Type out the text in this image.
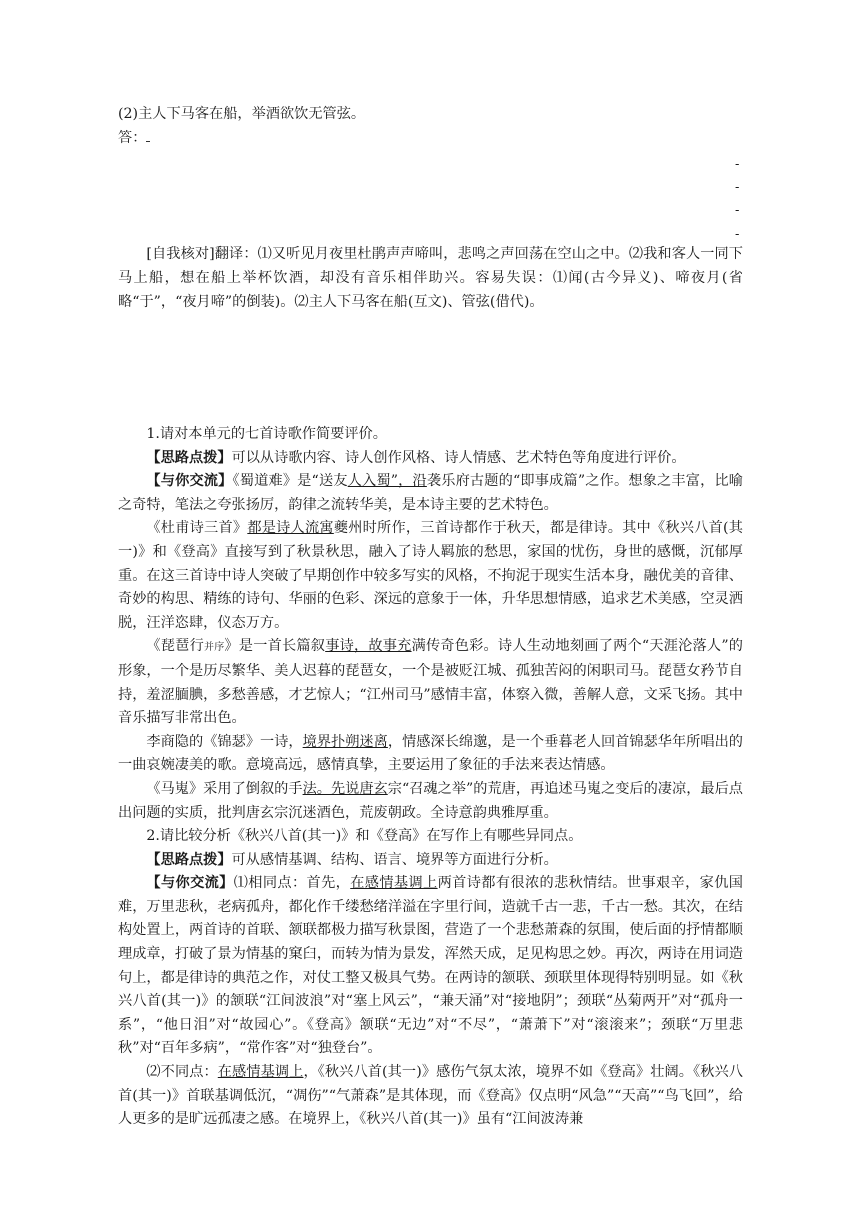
(2)主人下马客在船，举酒欲饮无管弦。
答：
-
-
-
-

[自我核对]翻译：⑴又听见月夜里杜鹃声声啼叫，悲鸣之声回荡在空山之中。⑵我和客人一同下马上船，想在船上举杯饮酒，却没有音乐相伴助兴。容易失误：⑴闻(古今异义)、啼夜月(省略“于”，“夜月啼”的倒装)。⑵主人下马客在船(互文)、管弦(借代)。

1.请对本单元的七首诗歌作简要评价。

【思路点拨】可以从诗歌内容、诗人创作风格、诗人情感、艺术特色等角度进行评价。

【与你交流】《蜀道难》是“送友人入蜀”，沿袭乐府古题的“即事成篇”之作。想象之丰富，比喻之奇特，笔法之夸张扬厉，韵律之流转华美，是本诗主要的艺术特色。

《杜甫诗三首》都是诗人流寓夔州时所作，三首诗都作于秋天，都是律诗。其中《秋兴八首(其一)》和《登高》直接写到了秋景秋思，融入了诗人羁旅的愁思，家国的忧伤，身世的感慨，沉郁厚重。在这三首诗中诗人突破了早期创作中较多写实的风格，不拘泥于现实生活本身，融优美的音律、奇妙的构思、精练的诗句、华丽的色彩、深远的意象于一体，升华思想情感，追求艺术美感，空灵洒脱，汪洋恣肆，仪态万方。

《琵琶行并序》是一首长篇叙事诗，故事充满传奇色彩。诗人生动地刻画了两个“天涯沦落人”的形象，一个是历尽繁华、美人迟暮的琵琶女，一个是被贬江城、孤独苦闷的闲职司马。琵琶女矜节自持，羞涩腼腆，多愁善感，才艺惊人；“江州司马”感情丰富，体察入微，善解人意，文采飞扬。其中音乐描写非常出色。

李商隐的《锦瑟》一诗，境界扑朔迷离，情感深长绵邈，是一个垂暮老人回首锦瑟华年所唱出的一曲哀婉凄美的歌。意境高远，感情真挚，主要运用了象征的手法来表达情感。

《马嵬》采用了倒叙的手法。先说唐玄宗“召魂之举”的荒唐，再追述马嵬之变后的凄凉，最后点出问题的实质，批判唐玄宗沉迷酒色，荒废朝政。全诗意韵典雅厚重。

2.请比较分析《秋兴八首(其一)》和《登高》在写作上有哪些异同点。

【思路点拨】可从感情基调、结构、语言、境界等方面进行分析。

【与你交流】⑴相同点：首先，在感情基调上两首诗都有很浓的悲秋情结。世事艰辛，家仇国难，万里悲秋，老病孤舟，都化作千缕愁绪洋溢在字里行间，造就千古一悲，千古一愁。其次，在结构处置上，两首诗的首联、颔联都极力描写秋景图，营造了一个悲愁萧森的氛围，使后面的抒情都顺理成章，打破了景为情基的窠臼，而转为情为景发，浑然天成，足见构思之妙。再次，两诗在用词造句上，都是律诗的典范之作，对仗工整又极具气势。在两诗的颔联、颈联里体现得特别明显。如《秋兴八首(其一)》的颔联“江间波浪”对“塞上风云”，“兼天涌”对“接地阴”；颈联“丛菊两开”对“孤舟一系”，“他日泪”对“故园心”。《登高》颔联“无边”对“不尽”，“萧萧下”对“滚滚来”；颈联“万里悲秋”对“百年多病”，“常作客”对“独登台”。

⑵不同点：在感情基调上，《秋兴八首(其一)》感伤气氛太浓，境界不如《登高》壮阔。《秋兴八首(其一)》首联基调低沉，“凋伤”“气萧森”是其体现，而《登高》仅点明“风急”“天高”“鸟飞回”，给人更多的是旷远孤凄之感。在境界上，《秋兴八首(其一)》虽有“江间波涛兼
